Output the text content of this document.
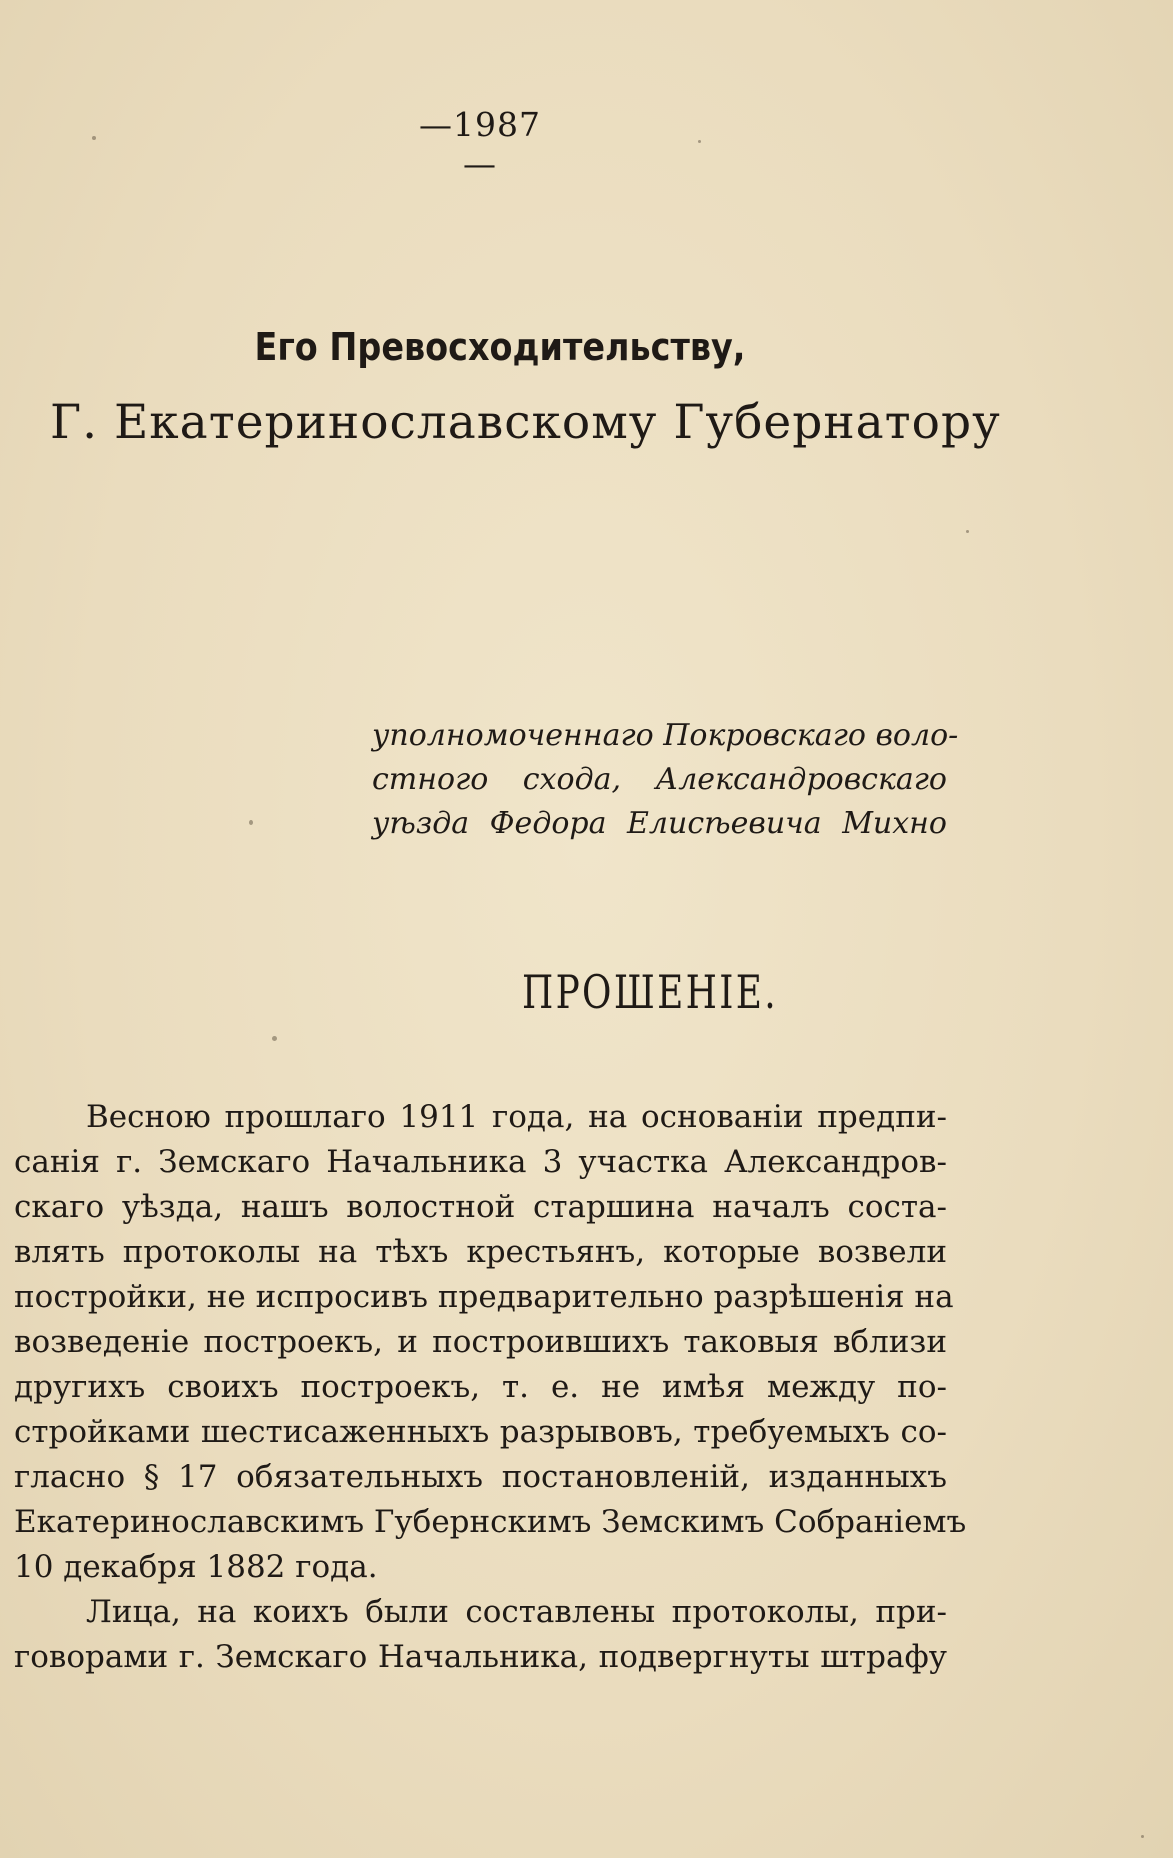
—1987—
Его Превосходительству,
Г. Екатеринославскому Губернатору
уполномоченнаго Покровскаго воло-
стного схода, Александровскаго
уѣзда Федора Елисѣевича Михно
ПРОШЕНІЕ.
Весною прошлаго 1911 года, на основаніи предпи-
санія г. Земскаго Начальника 3 участка Александров-
скаго уѣзда, нашъ волостной старшина началъ соста-
влять протоколы на тѣхъ крестьянъ, которые возвели
постройки, не испросивъ предварительно разрѣшенія на
возведеніе построекъ, и построившихъ таковыя вблизи
другихъ своихъ построекъ, т. е. не имѣя между по-
стройками шестисаженныхъ разрывовъ, требуемыхъ со-
гласно § 17 обязательныхъ постановленій, изданныхъ
Екатеринославскимъ Губернскимъ Земскимъ Собраніемъ
10 декабря 1882 года.
Лица, на коихъ были составлены протоколы, при-
говорами г. Земскаго Начальника, подвергнуты штрафу
